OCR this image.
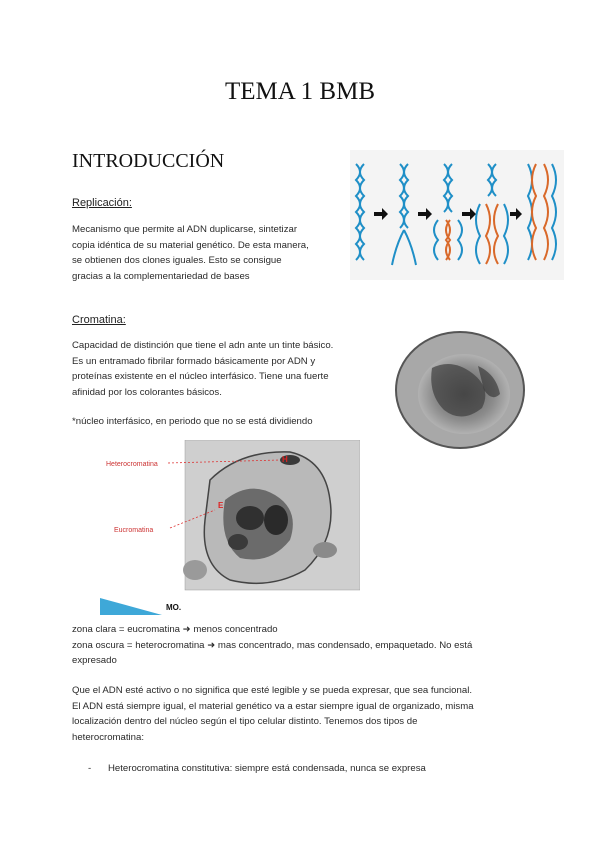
TEMA 1 BMB
INTRODUCCIÓN
Replicación:
Mecanismo que permite al ADN duplicarse, sintetizar
copia idéntica de su material genético. De esta manera,
se obtienen dos clones iguales. Esto se consigue
gracias a la complementariedad de bases
Cromatina:
Capacidad de distinción que tiene el adn ante un tinte básico.
Es un entramado fibrilar formado básicamente por ADN y
proteínas existente en el núcleo interfásico. Tiene una fuerte
afinidad por los colorantes básicos.
*núcleo interfásico, en periodo que no se está dividiendo
Heterocromatina
Eucromatina
H
E
MO.
zona clara = eucromatina ➜ menos concentrado
zona oscura = heterocromatina ➜ mas concentrado, mas condensado, empaquetado. No está
expresado
Que el ADN esté activo o no significa que esté legible y se pueda expresar, que sea funcional.
El ADN está siempre igual, el material genético va a estar siempre igual de organizado, misma
localización dentro del núcleo según el tipo celular distinto. Tenemos dos tipos de
heterocromatina:
- Heterocromatina constitutiva: siempre está condensada, nunca se expresa
